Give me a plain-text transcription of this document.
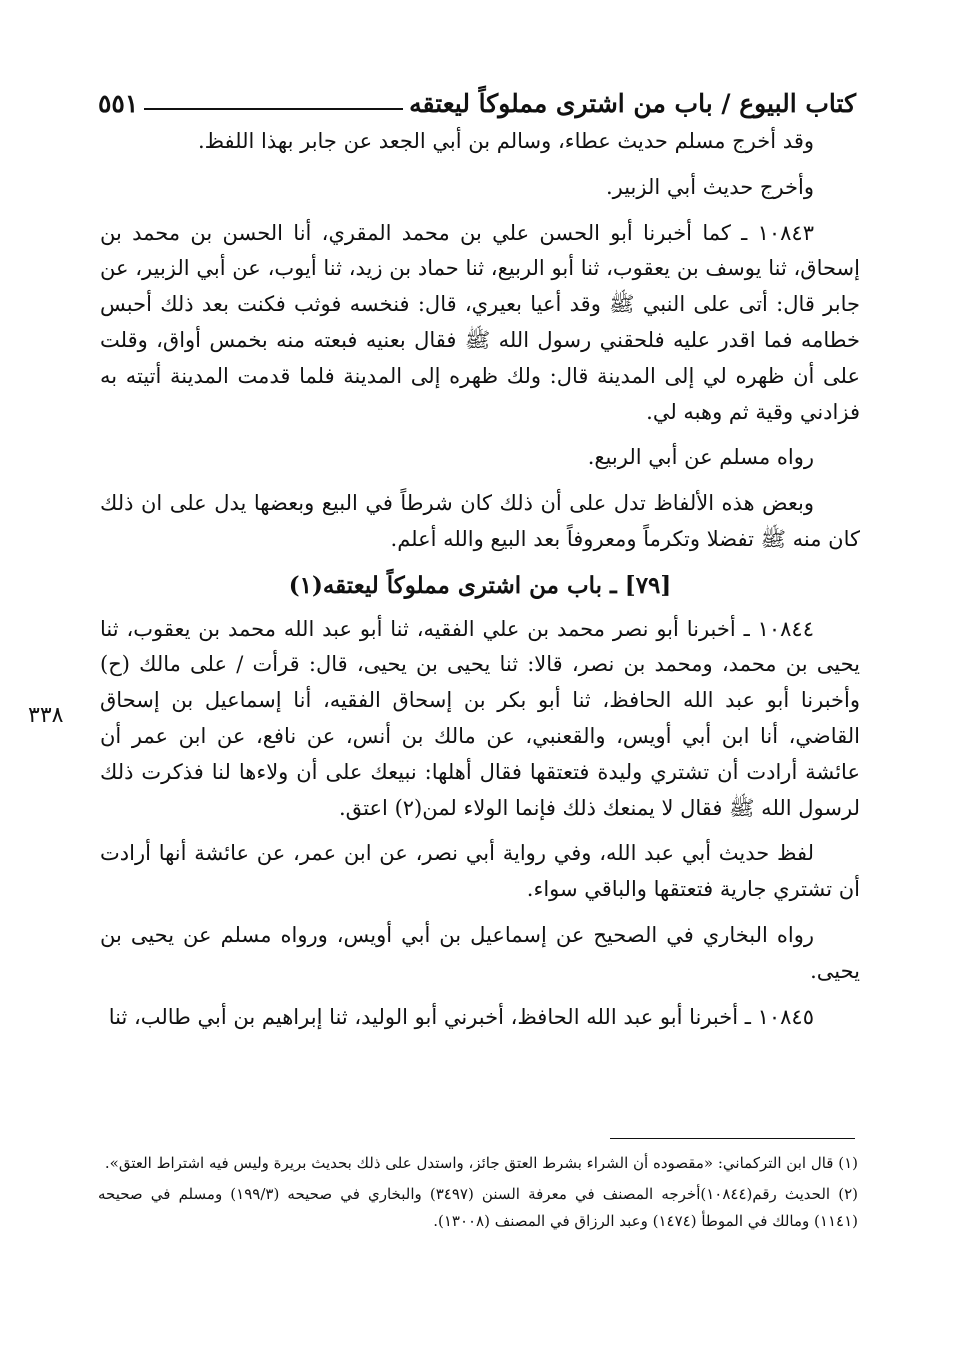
كتاب البيوع / باب من اشترى مملوكاً ليعتقه
٥٥١

وقد أخرج مسلم حديث عطاء، وسالم بن أبي الجعد عن جابر بهذا اللفظ.

وأخرج حديث أبي الزبير.

١٠٨٤٣ ـ كما أخبرنا أبو الحسن علي بن محمد المقري، أنا الحسن بن محمد بن إسحاق، ثنا يوسف بن يعقوب، ثنا أبو الربيع، ثنا حماد بن زيد، ثنا أيوب، عن أبي الزبير، عن جابر قال: أتى على النبي ﷺ وقد أعيا بعيري، قال: فنخسه فوثب فكنت بعد ذلك أحبس خطامه فما اقدر عليه فلحقني رسول الله ﷺ فقال بعنيه فبعته منه بخمس أواق، وقلت على أن ظهره لي إلى المدينة قال: ولك ظهره إلى المدينة فلما قدمت المدينة أتيته به فزادني وقية ثم وهبه لي.

رواه مسلم عن أبي الربيع.

وبعض هذه الألفاظ تدل على أن ذلك كان شرطاً في البيع وبعضها يدل على ان ذلك كان منه ﷺ تفضلا وتكرماً ومعروفاً بعد البيع والله أعلم.

[٧٩] ـ باب من اشترى مملوكاً ليعتقه(١)

١٠٨٤٤ ـ أخبرنا أبو نصر محمد بن علي الفقيه، ثنا أبو عبد الله محمد بن يعقوب، ثنا يحيى بن محمد، ومحمد بن نصر، قالا: ثنا يحيى بن يحيى، قال: قرأت / على مالك (ح) وأخبرنا أبو عبد الله الحافظ، ثنا أبو بكر بن إسحاق الفقيه، أنا إسماعيل بن إسحاق القاضي، أنا ابن أبي أويس، والقعنبي، عن مالك بن أنس، عن نافع، عن ابن عمر أن عائشة أرادت أن تشتري وليدة فتعتقها فقال أهلها: نبيعك على أن ولاءها لنا فذكرت ذلك لرسول الله ﷺ فقال لا يمنعك ذلك فإنما الولاء لمن(٢) اعتق.

لفظ حديث أبي عبد الله، وفي رواية أبي نصر، عن ابن عمر، عن عائشة أنها أرادت أن تشتري جارية فتعتقها والباقي سواء.

رواه البخاري في الصحيح عن إسماعيل بن أبي أويس، ورواه مسلم عن يحيى بن يحيى.

١٠٨٤٥ ـ أخبرنا أبو عبد الله الحافظ، أخبرني أبو الوليد، ثنا إبراهيم بن أبي طالب، ثنا

٣٣٨

(١) قال ابن التركماني: «مقصوده أن الشراء بشرط العتق جائز، واستدل على ذلك بحديث بريرة وليس فيه اشتراط العتق».

(٢) الحديث رقم(١٠٨٤٤)أخرجه المصنف في معرفة السنن (٣٤٩٧) والبخاري في صحيحه (١٩٩/٣) ومسلم في صحيحه (١١٤١) ومالك في الموطأ (١٤٧٤) وعبد الرزاق في المصنف (١٣٠٠٨).
